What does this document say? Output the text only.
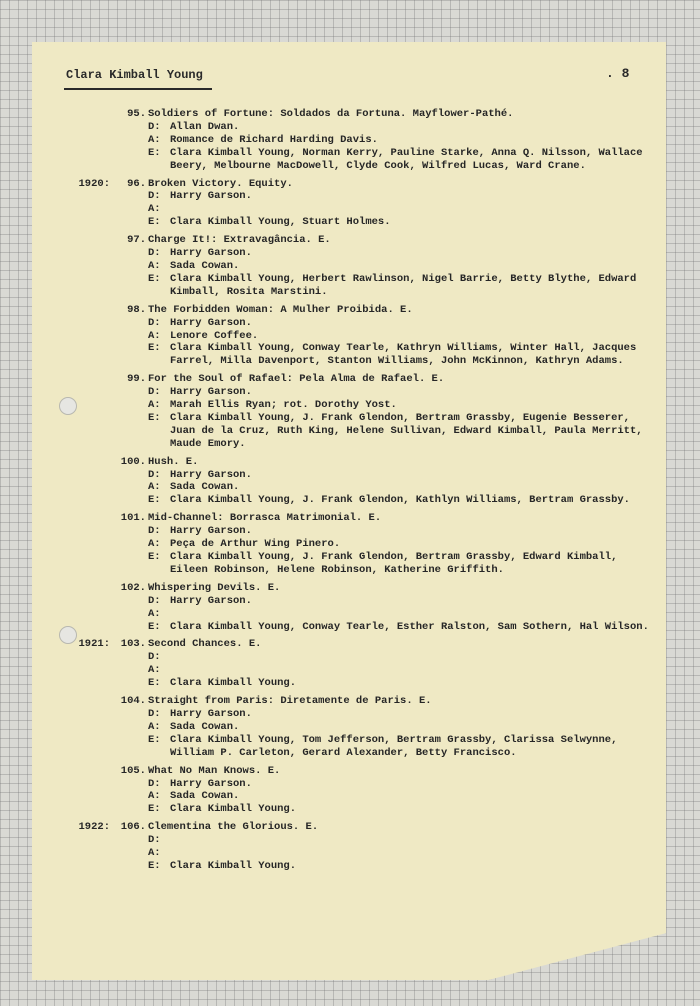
Clara Kimball Young	. 8
95. Soldiers of Fortune: Soldados da Fortuna. Mayflower-Pathé.
D: Allan Dwan.
A: Romance de Richard Harding Davis.
E: Clara Kimball Young, Norman Kerry, Pauline Starke, Anna Q. Nilsson, Wallace Beery, Melbourne MacDowell, Clyde Cook, Wilfred Lucas, Ward Crane.
1920:	96. Broken Victory. Equity.
D: Harry Garson.
A:
E: Clara Kimball Young, Stuart Holmes.
97. Charge It!: Extravagância. E.
D: Harry Garson.
A: Sada Cowan.
E: Clara Kimball Young, Herbert Rawlinson, Nigel Barrie, Betty Blythe, Edward Kimball, Rosita Marstini.
98. The Forbidden Woman: A Mulher Proibida. E.
D: Harry Garson.
A: Lenore Coffee.
E: Clara Kimball Young, Conway Tearle, Kathryn Williams, Winter Hall, Jacques Farrel, Milla Davenport, Stanton Williams, John McKinnon, Kathryn Adams.
99. For the Soul of Rafael: Pela Alma de Rafael. E.
D: Harry Garson.
A: Marah Ellis Ryan; rot. Dorothy Yost.
E: Clara Kimball Young, J. Frank Glendon, Bertram Grassby, Eugenie Besserer, Juan de la Cruz, Ruth King, Helene Sullivan, Edward Kimball, Paula Merritt, Maude Emory.
100. Hush. E.
D: Harry Garson.
A: Sada Cowan.
E: Clara Kimball Young, J. Frank Glendon, Kathlyn Williams, Bertram Grassby.
101. Mid-Channel: Borrasca Matrimonial. E.
D: Harry Garson.
A: Peça de Arthur Wing Pinero.
E: Clara Kimball Young, J. Frank Glendon, Bertram Grassby, Edward Kimball, Eileen Robinson, Helene Robinson, Katherine Griffith.
102. Whispering Devils. E.
D: Harry Garson.
A:
E: Clara Kimball Young, Conway Tearle, Esther Ralston, Sam Sothern, Hal Wilson.
1921:	103. Second Chances. E.
D:
A:
E: Clara Kimball Young.
104. Straight from Paris: Diretamente de Paris. E.
D: Harry Garson.
A: Sada Cowan.
E: Clara Kimball Young, Tom Jefferson, Bertram Grassby, Clarissa Selwynne, William P. Carleton, Gerard Alexander, Betty Francisco.
105. What No Man Knows. E.
D: Harry Garson.
A: Sada Cowan.
E: Clara Kimball Young.
1922:	106. Clementina the Glorious. E.
D:
A:
E: Clara Kimball Young.
